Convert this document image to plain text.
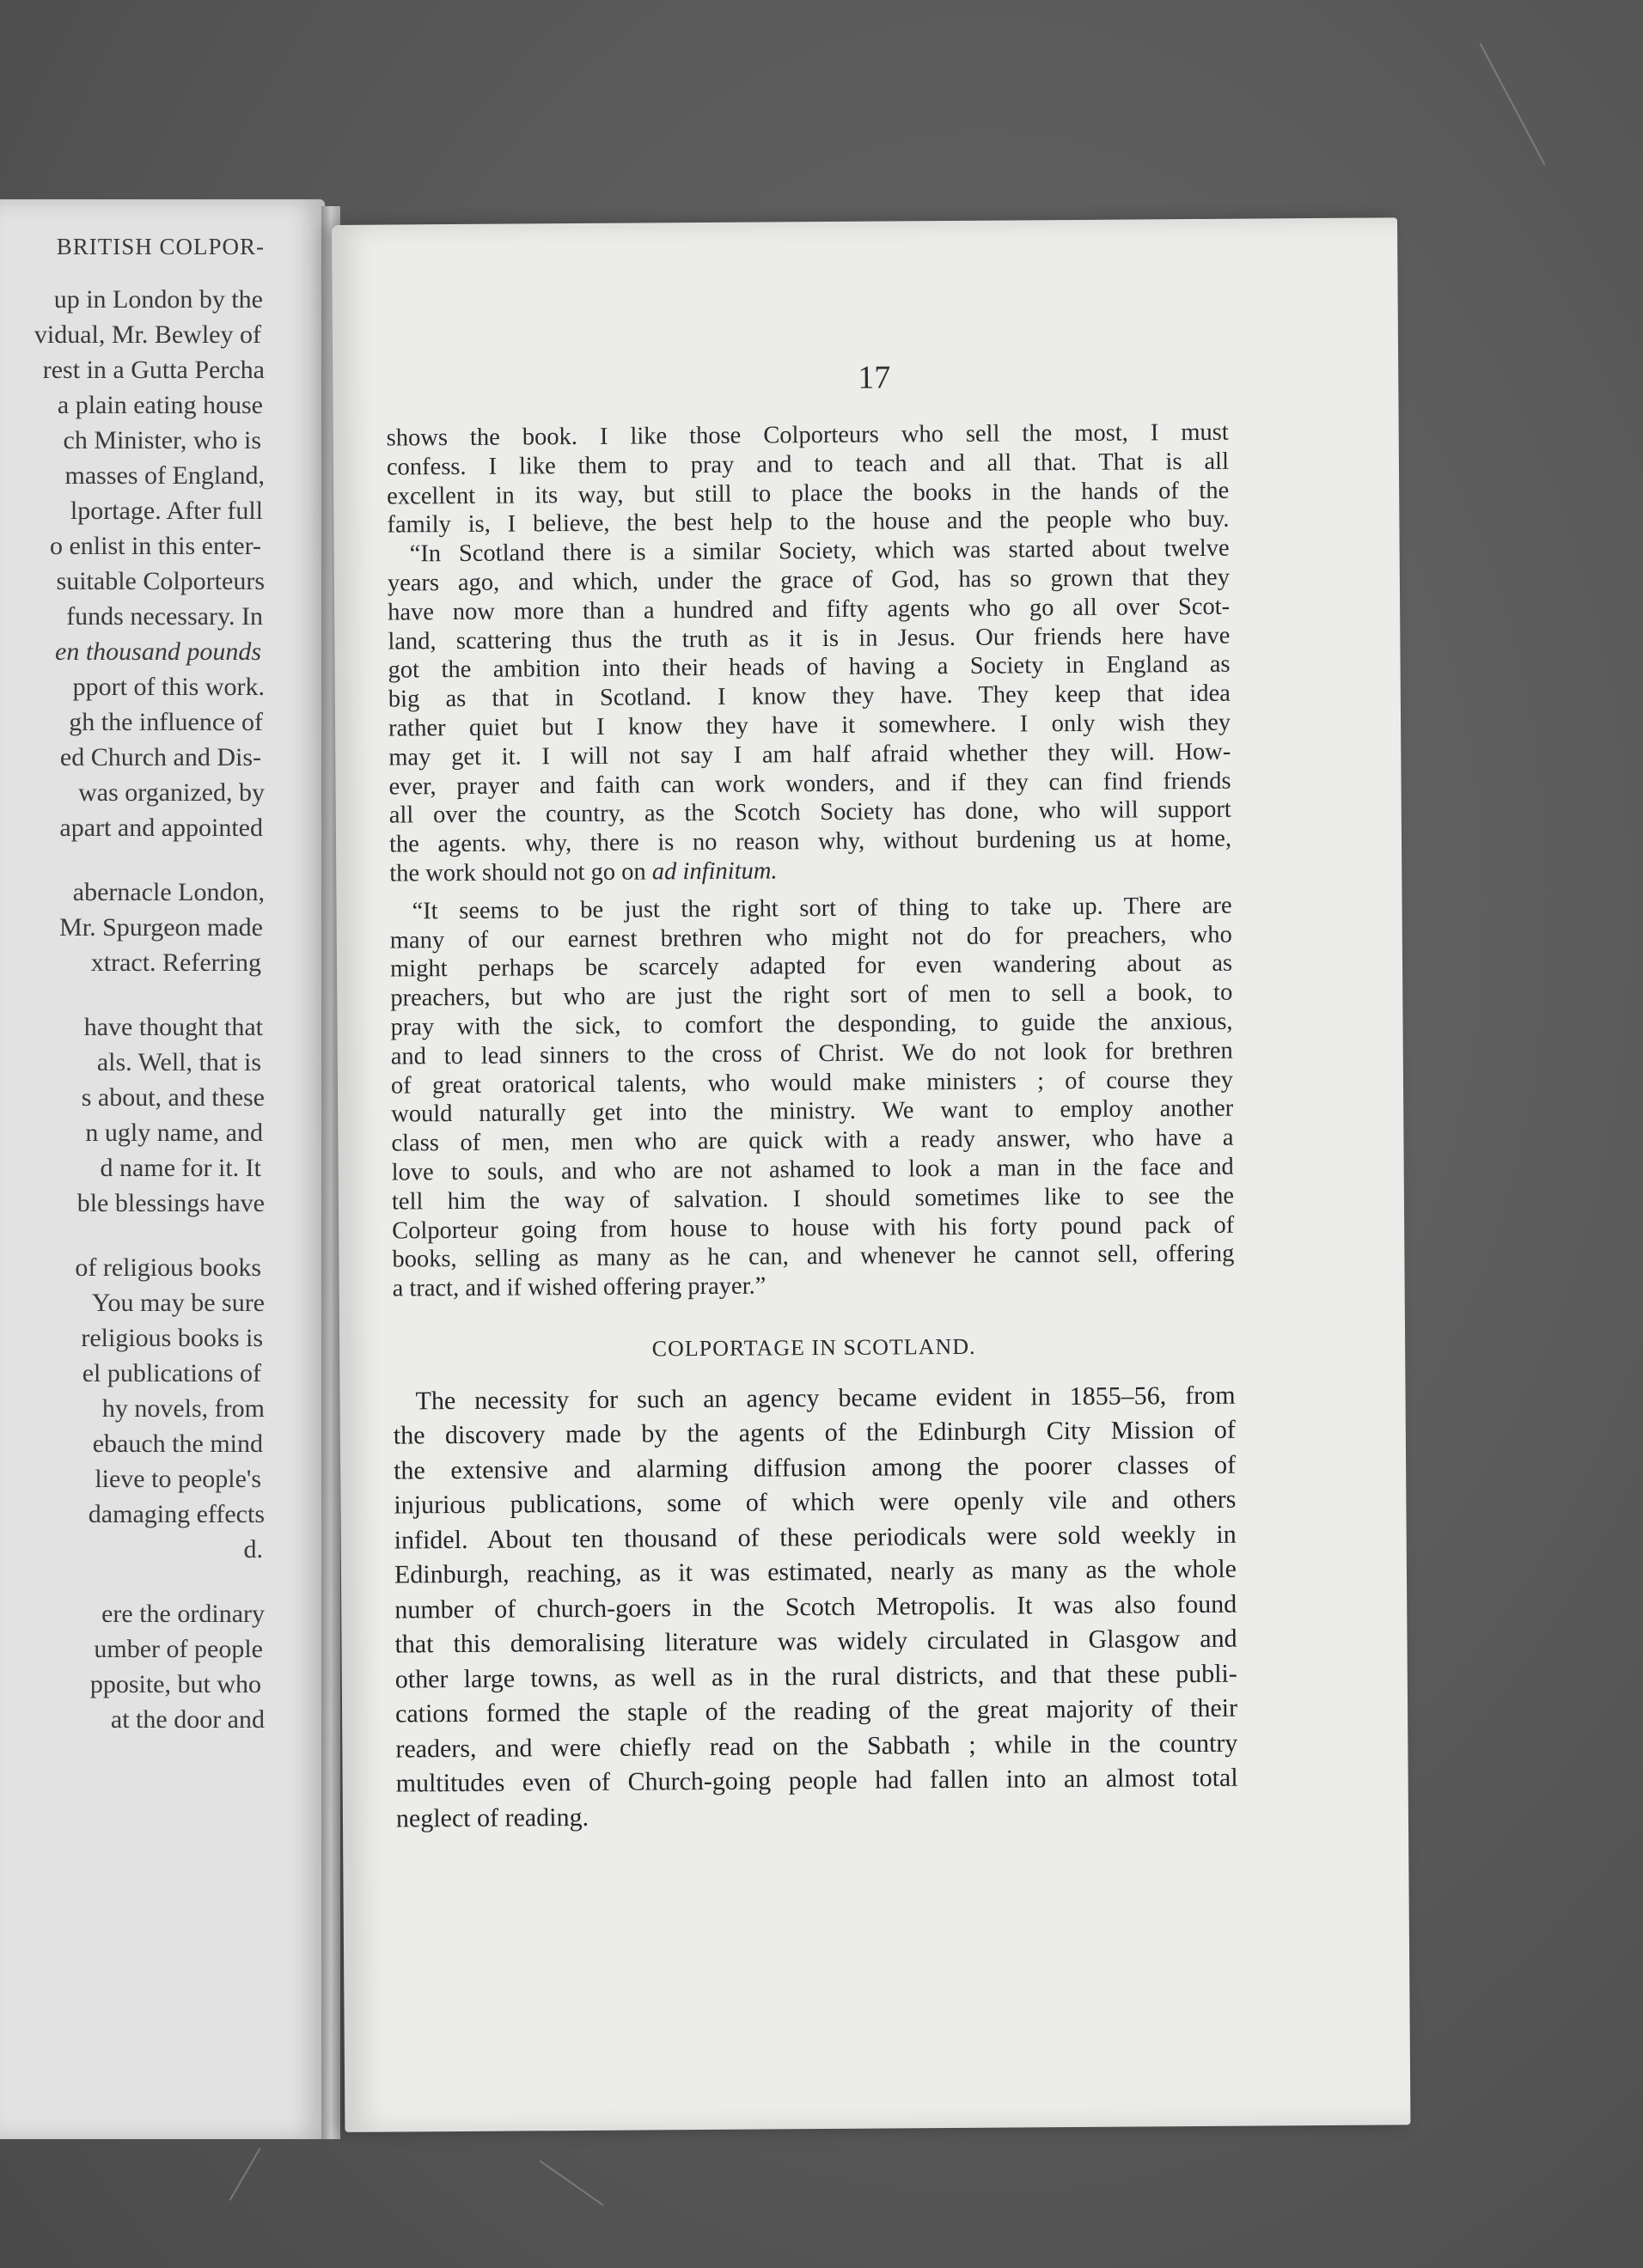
BRITISH COLPOR-
up in London by the
vidual, Mr. Bewley of
rest in a Gutta Percha
a plain eating house
ch Minister, who is
masses of England,
lportage. After full
o enlist in this enter-
suitable Colporteurs
funds necessary. In
en thousand pounds
pport of this work.
gh the influence of
ed Church and Dis-
was organized, by
apart and appointed
abernacle London,
Mr. Spurgeon made
xtract. Referring
have thought that
als. Well, that is
s about, and these
n ugly name, and
d name for it. It
ble blessings have
of religious books
You may be sure
religious books is
el publications of
hy novels, from
ebauch the mind
lieve to people's
damaging effects
d.
ere the ordinary
umber of people
pposite, but who
at the door and
17
shows the book. I like those Colporteurs who sell the most, I must
confess. I like them to pray and to teach and all that. That is all
excellent in its way, but still to place the books in the hands of the
family is, I believe, the best help to the house and the people who buy.
“In Scotland there is a similar Society, which was started about twelve
years ago, and which, under the grace of God, has so grown that they
have now more than a hundred and fifty agents who go all over Scot-
land, scattering thus the truth as it is in Jesus. Our friends here have
got the ambition into their heads of having a Society in England as
big as that in Scotland. I know they have. They keep that idea
rather quiet but I know they have it somewhere. I only wish they
may get it. I will not say I am half afraid whether they will. How-
ever, prayer and faith can work wonders, and if they can find friends
all over the country, as the Scotch Society has done, who will support
the agents. why, there is no reason why, without burdening us at home,
the work should not go on ad infinitum.
“It seems to be just the right sort of thing to take up. There are
many of our earnest brethren who might not do for preachers, who
might perhaps be scarcely adapted for even wandering about as
preachers, but who are just the right sort of men to sell a book, to
pray with the sick, to comfort the desponding, to guide the anxious,
and to lead sinners to the cross of Christ. We do not look for brethren
of great oratorical talents, who would make ministers ; of course they
would naturally get into the ministry. We want to employ another
class of men, men who are quick with a ready answer, who have a
love to souls, and who are not ashamed to look a man in the face and
tell him the way of salvation. I should sometimes like to see the
Colporteur going from house to house with his forty pound pack of
books, selling as many as he can, and whenever he cannot sell, offering
a tract, and if wished offering prayer.”
COLPORTAGE IN SCOTLAND.
The necessity for such an agency became evident in 1855–56, from
the discovery made by the agents of the Edinburgh City Mission of
the extensive and alarming diffusion among the poorer classes of
injurious publications, some of which were openly vile and others
infidel. About ten thousand of these periodicals were sold weekly in
Edinburgh, reaching, as it was estimated, nearly as many as the whole
number of church-goers in the Scotch Metropolis. It was also found
that this demoralising literature was widely circulated in Glasgow and
other large towns, as well as in the rural districts, and that these publi-
cations formed the staple of the reading of the great majority of their
readers, and were chiefly read on the Sabbath ; while in the country
multitudes even of Church-going people had fallen into an almost total
neglect of reading.
